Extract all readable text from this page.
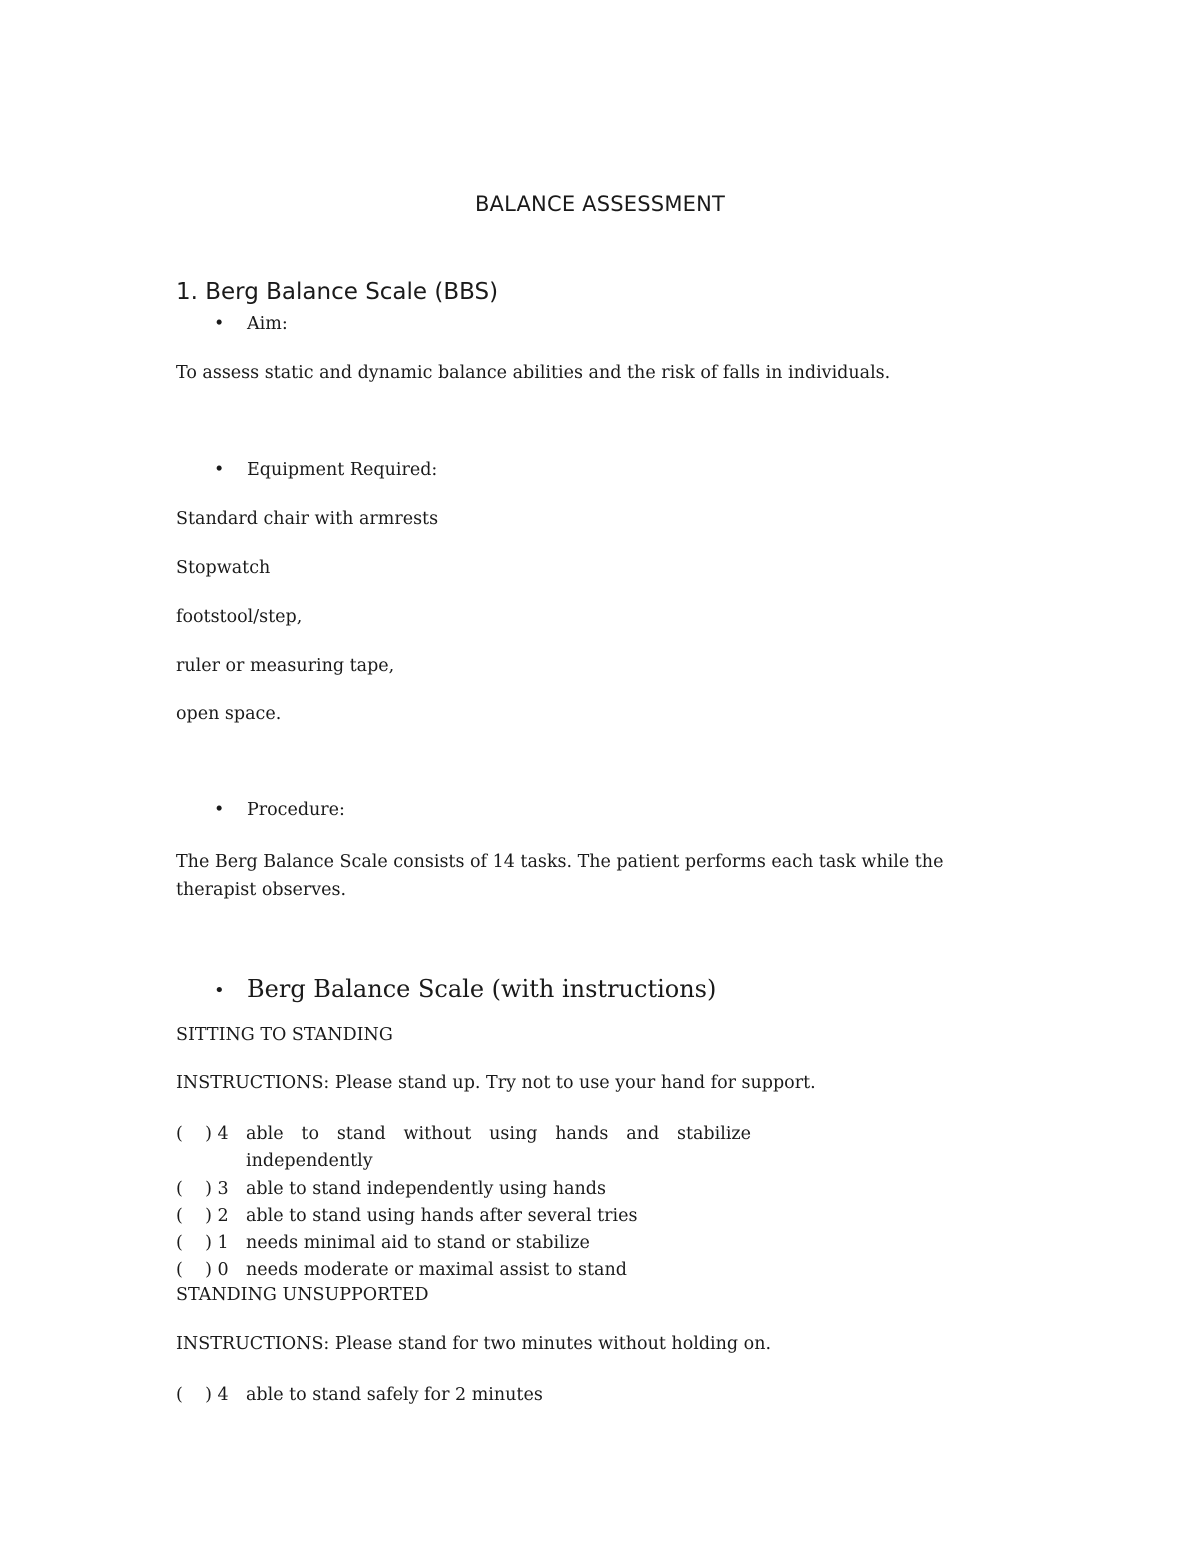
BALANCE ASSESSMENT
1. Berg Balance Scale (BBS)
• Aim:
To assess static and dynamic balance abilities and the risk of falls in individuals.
• Equipment Required:
Standard chair with armrests
Stopwatch
footstool/step,
ruler or measuring tape,
open space.
• Procedure:
The Berg Balance Scale consists of 14 tasks. The patient performs each task while the therapist observes.
• Berg Balance Scale (with instructions)
SITTING TO STANDING
INSTRUCTIONS: Please stand up. Try not to use your hand for support.
(    ) 4 able to stand without using hands and stabilize
independently
(    ) 3 able to stand independently using hands
(    ) 2 able to stand using hands after several tries
(    ) 1 needs minimal aid to stand or stabilize
(    ) 0 needs moderate or maximal assist to stand
STANDING UNSUPPORTED
INSTRUCTIONS: Please stand for two minutes without holding on.
(    ) 4 able to stand safely for 2 minutes
